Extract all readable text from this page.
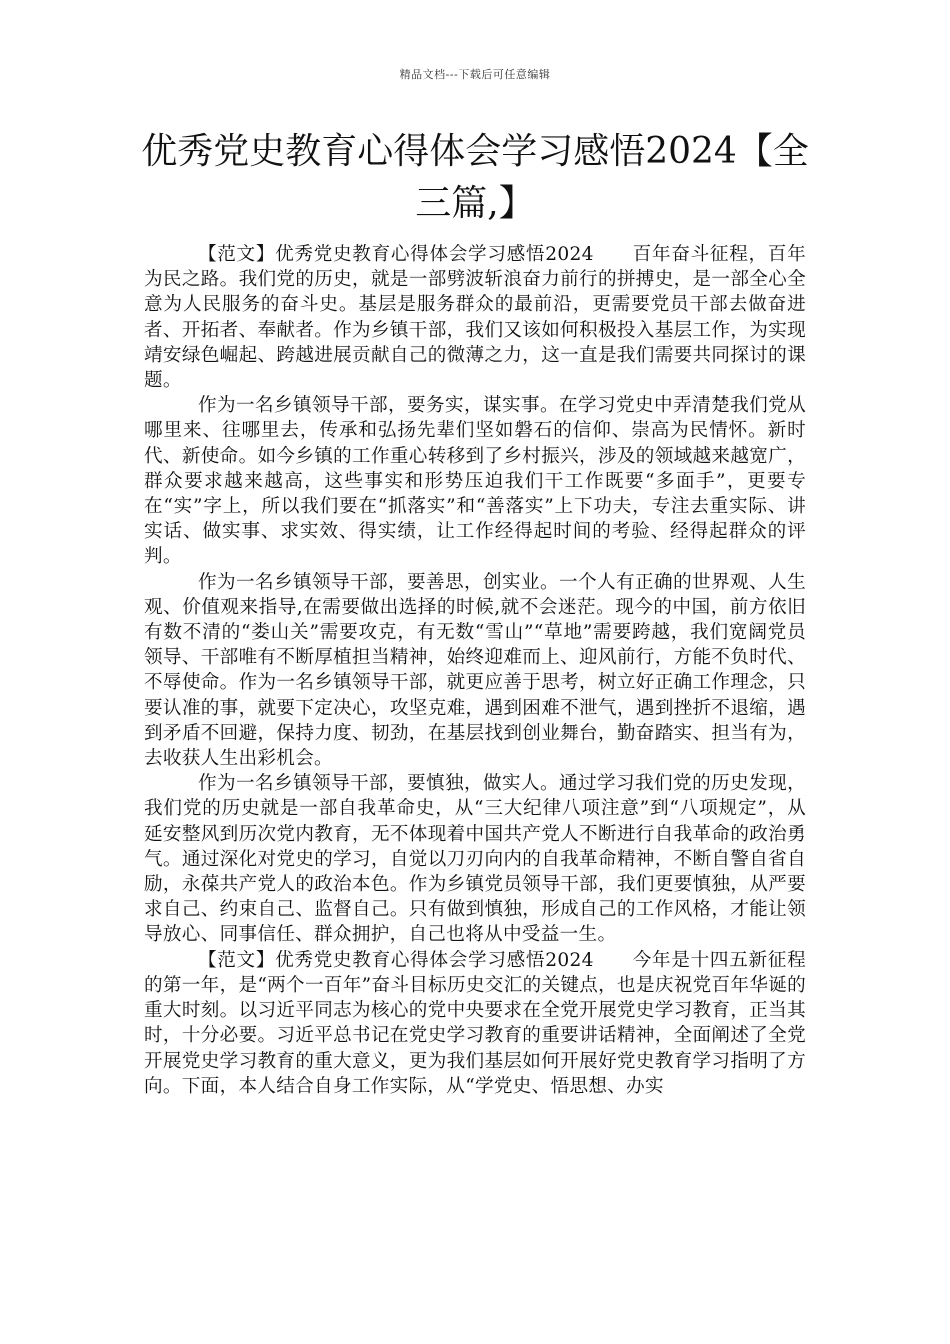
精品文档---下载后可任意编辑
优秀党史教育心得体会学习感悟2024【全三篇,】

【范文】优秀党史教育心得体会学习感悟2024　　百年奋斗征程，百年为民之路。我们党的历史，就是一部劈波斩浪奋力前行的拼搏史，是一部全心全意为人民服务的奋斗史。基层是服务群众的最前沿，更需要党员干部去做奋进者、开拓者、奉献者。作为乡镇干部，我们又该如何积极投入基层工作，为实现靖安绿色崛起、跨越进展贡献自己的微薄之力，这一直是我们需要共同探讨的课题。

作为一名乡镇领导干部，要务实，谋实事。在学习党史中弄清楚我们党从哪里来、往哪里去，传承和弘扬先辈们坚如磐石的信仰、崇高为民情怀。新时代、新使命。如今乡镇的工作重心转移到了乡村振兴，涉及的领域越来越宽广，群众要求越来越高，这些事实和形势压迫我们干工作既要“多面手”，更要专在“实”字上，所以我们要在“抓落实”和“善落实”上下功夫，专注去重实际、讲实话、做实事、求实效、得实绩，让工作经得起时间的考验、经得起群众的评判。

作为一名乡镇领导干部，要善思，创实业。一个人有正确的世界观、人生观、价值观来指导,在需要做出选择的时候,就不会迷茫。现今的中国，前方依旧有数不清的“娄山关”需要攻克，有无数“雪山”“草地”需要跨越，我们宽阔党员领导、干部唯有不断厚植担当精神，始终迎难而上、迎风前行，方能不负时代、不辱使命。作为一名乡镇领导干部，就更应善于思考，树立好正确工作理念，只要认准的事，就要下定决心，攻坚克难，遇到困难不泄气，遇到挫折不退缩，遇到矛盾不回避，保持力度、韧劲，在基层找到创业舞台，勤奋踏实、担当有为，去收获人生出彩机会。

作为一名乡镇领导干部，要慎独，做实人。通过学习我们党的历史发现，我们党的历史就是一部自我革命史，从“三大纪律八项注意”到“八项规定”，从延安整风到历次党内教育，无不体现着中国共产党人不断进行自我革命的政治勇气。通过深化对党史的学习，自觉以刀刃向内的自我革命精神，不断自警自省自励，永葆共产党人的政治本色。作为乡镇党员领导干部，我们更要慎独，从严要求自己、约束自己、监督自己。只有做到慎独，形成自己的工作风格，才能让领导放心、同事信任、群众拥护，自己也将从中受益一生。

【范文】优秀党史教育心得体会学习感悟2024　　今年是十四五新征程的第一年，是“两个一百年”奋斗目标历史交汇的关键点，也是庆祝党百年华诞的重大时刻。以习近平同志为核心的党中央要求在全党开展党史学习教育，正当其时，十分必要。习近平总书记在党史学习教育的重要讲话精神，全面阐述了全党开展党史学习教育的重大意义，更为我们基层如何开展好党史教育学习指明了方向。下面，本人结合自身工作实际，从“学党史、悟思想、办实
